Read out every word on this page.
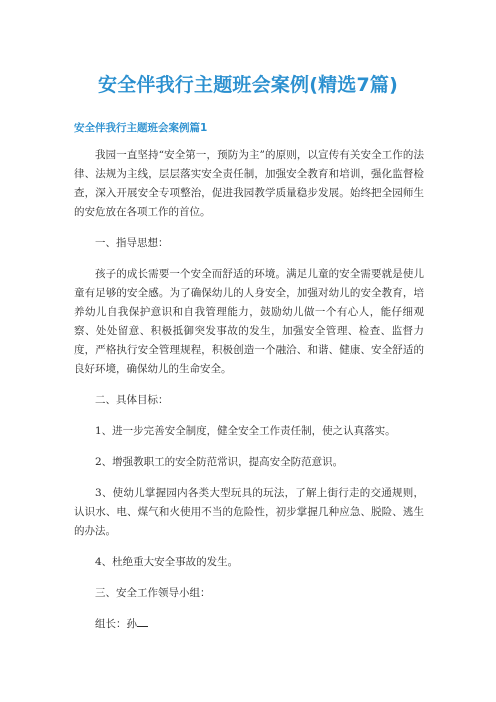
安全伴我行主题班会案例(精选7篇)
安全伴我行主题班会案例篇1

我园一直坚持“安全第一，预防为主”的原则，以宣传有关安全工作的法律、法规为主线，层层落实安全责任制，加强安全教育和培训，强化监督检查，深入开展安全专项整治，促进我园教学质量稳步发展。始终把全园师生的安危放在各项工作的首位。

一、指导思想：

孩子的成长需要一个安全而舒适的环境。满足儿童的安全需要就是使儿童有足够的安全感。为了确保幼儿的人身安全，加强对幼儿的安全教育，培养幼儿自我保护意识和自我管理能力，鼓励幼儿做一个有心人，能仔细观察、处处留意、积极抵御突发事故的发生，加强安全管理、检查、监督力度，严格执行安全管理规程，积极创造一个融洽、和谐、健康、安全舒适的良好环境，确保幼儿的生命安全。

二、具体目标：

1、进一步完善安全制度，健全安全工作责任制，使之认真落实。

2、增强教职工的安全防范常识，提高安全防范意识。

3、使幼儿掌握园内各类大型玩具的玩法，了解上街行走的交通规则，认识水、电、煤气和火使用不当的危险性，初步掌握几种应急、脱险、逃生的办法。

4、杜绝重大安全事故的发生。

三、安全工作领导小组：

组长：孙
